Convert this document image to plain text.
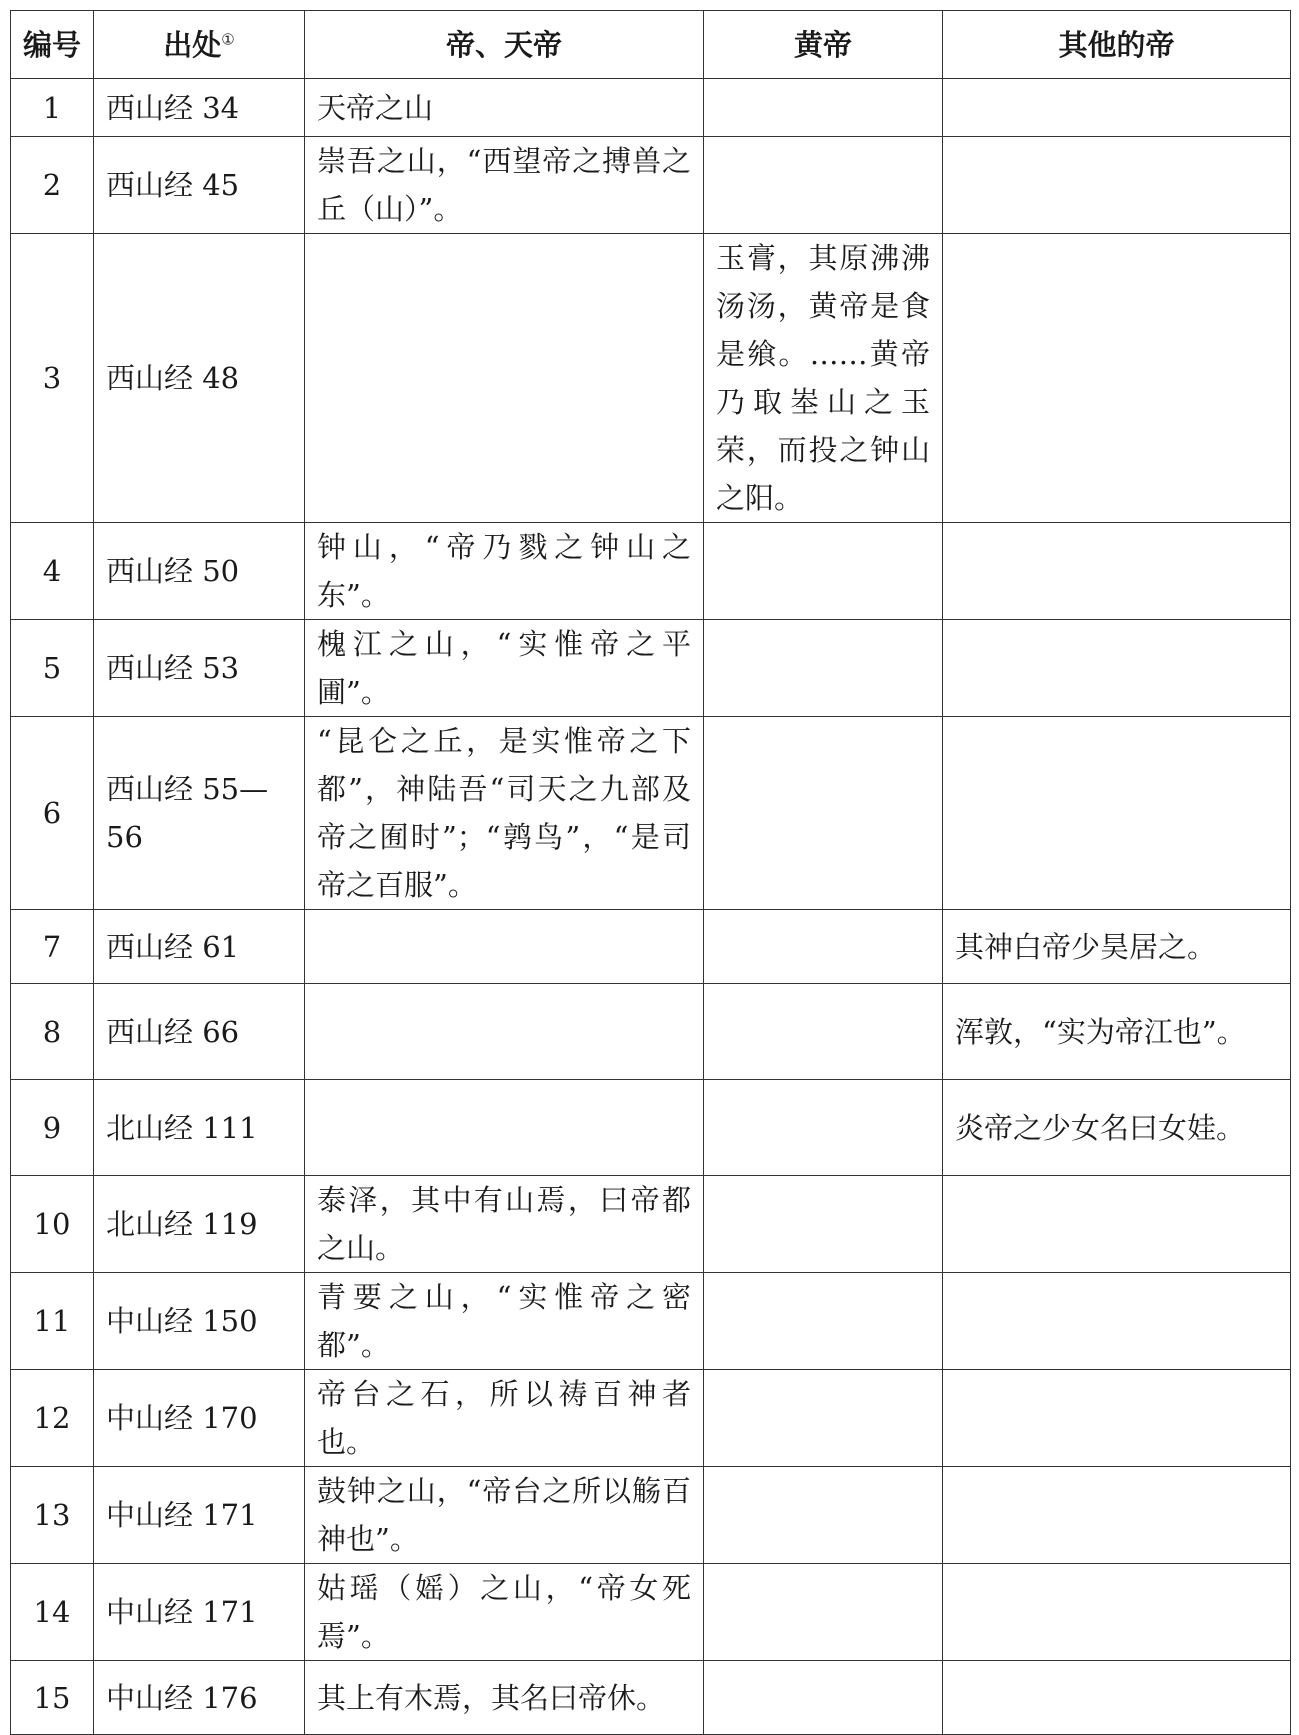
编号	出处①	帝、天帝	黄帝	其他的帝
1	西山经 34	天帝之山		
2	西山经 45	崇吾之山，“西望帝之搏兽之丘（山）”。		
3	西山经 48		玉膏，其原沸沸汤汤，黄帝是食是飨。……黄帝乃取峚山之玉荣，而投之钟山之阳。	
4	西山经 50	钟山，“帝乃戮之钟山之东”。		
5	西山经 53	槐江之山，“实惟帝之平圃”。		
6	西山经 55—56	“昆仑之丘，是实惟帝之下都”，神陆吾“司天之九部及帝之囿时”；“鹑鸟”，“是司帝之百服”。		
7	西山经 61			其神白帝少昊居之。
8	西山经 66			浑敦，“实为帝江也”。
9	北山经 111			炎帝之少女名曰女娃。
10	北山经 119	泰泽，其中有山焉，曰帝都之山。		
11	中山经 150	青要之山，“实惟帝之密都”。		
12	中山经 170	帝台之石，所以祷百神者也。		
13	中山经 171	鼓钟之山，“帝台之所以觞百神也”。		
14	中山经 171	姑瑶（媱）之山，“帝女死焉”。		
15	中山经 176	其上有木焉，其名曰帝休。		
